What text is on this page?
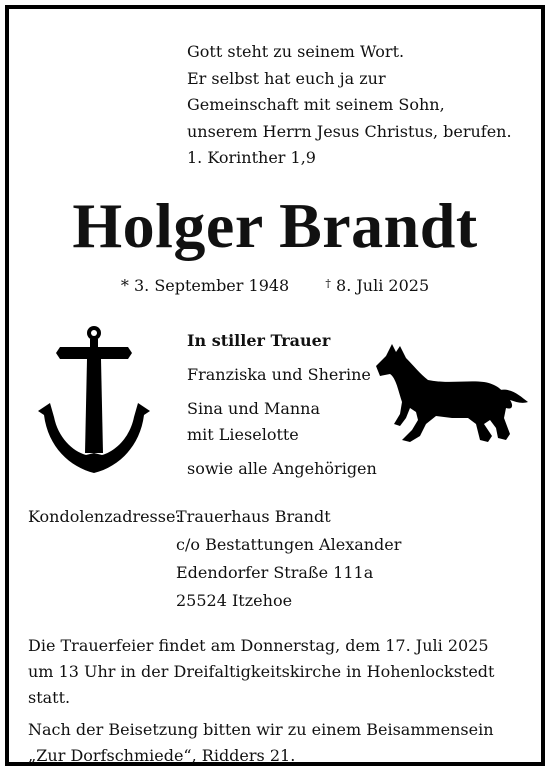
Gott steht zu seinem Wort.
Er selbst hat euch ja zur
Gemeinschaft mit seinem Sohn,
unserem Herrn Jesus Christus, berufen.
1. Korinther 1,9
Holger Brandt
* 3. September 1948	† 8. Juli 2025
In stiller Trauer
Franziska und Sherine
Sina und Manna
mit Lieselotte
sowie alle Angehörigen
Kondolenzadresse:
Trauerhaus Brandt
c/o Bestattungen Alexander
Edendorfer Straße 111a
25524 Itzehoe

Die Trauerfeier findet am Donnerstag, dem 17. Juli 2025 um 13 Uhr in der Dreifaltigkeitskirche in Hohenlockstedt statt.

Nach der Beisetzung bitten wir zu einem Beisammensein „Zur Dorfschmiede“, Ridders 21.
